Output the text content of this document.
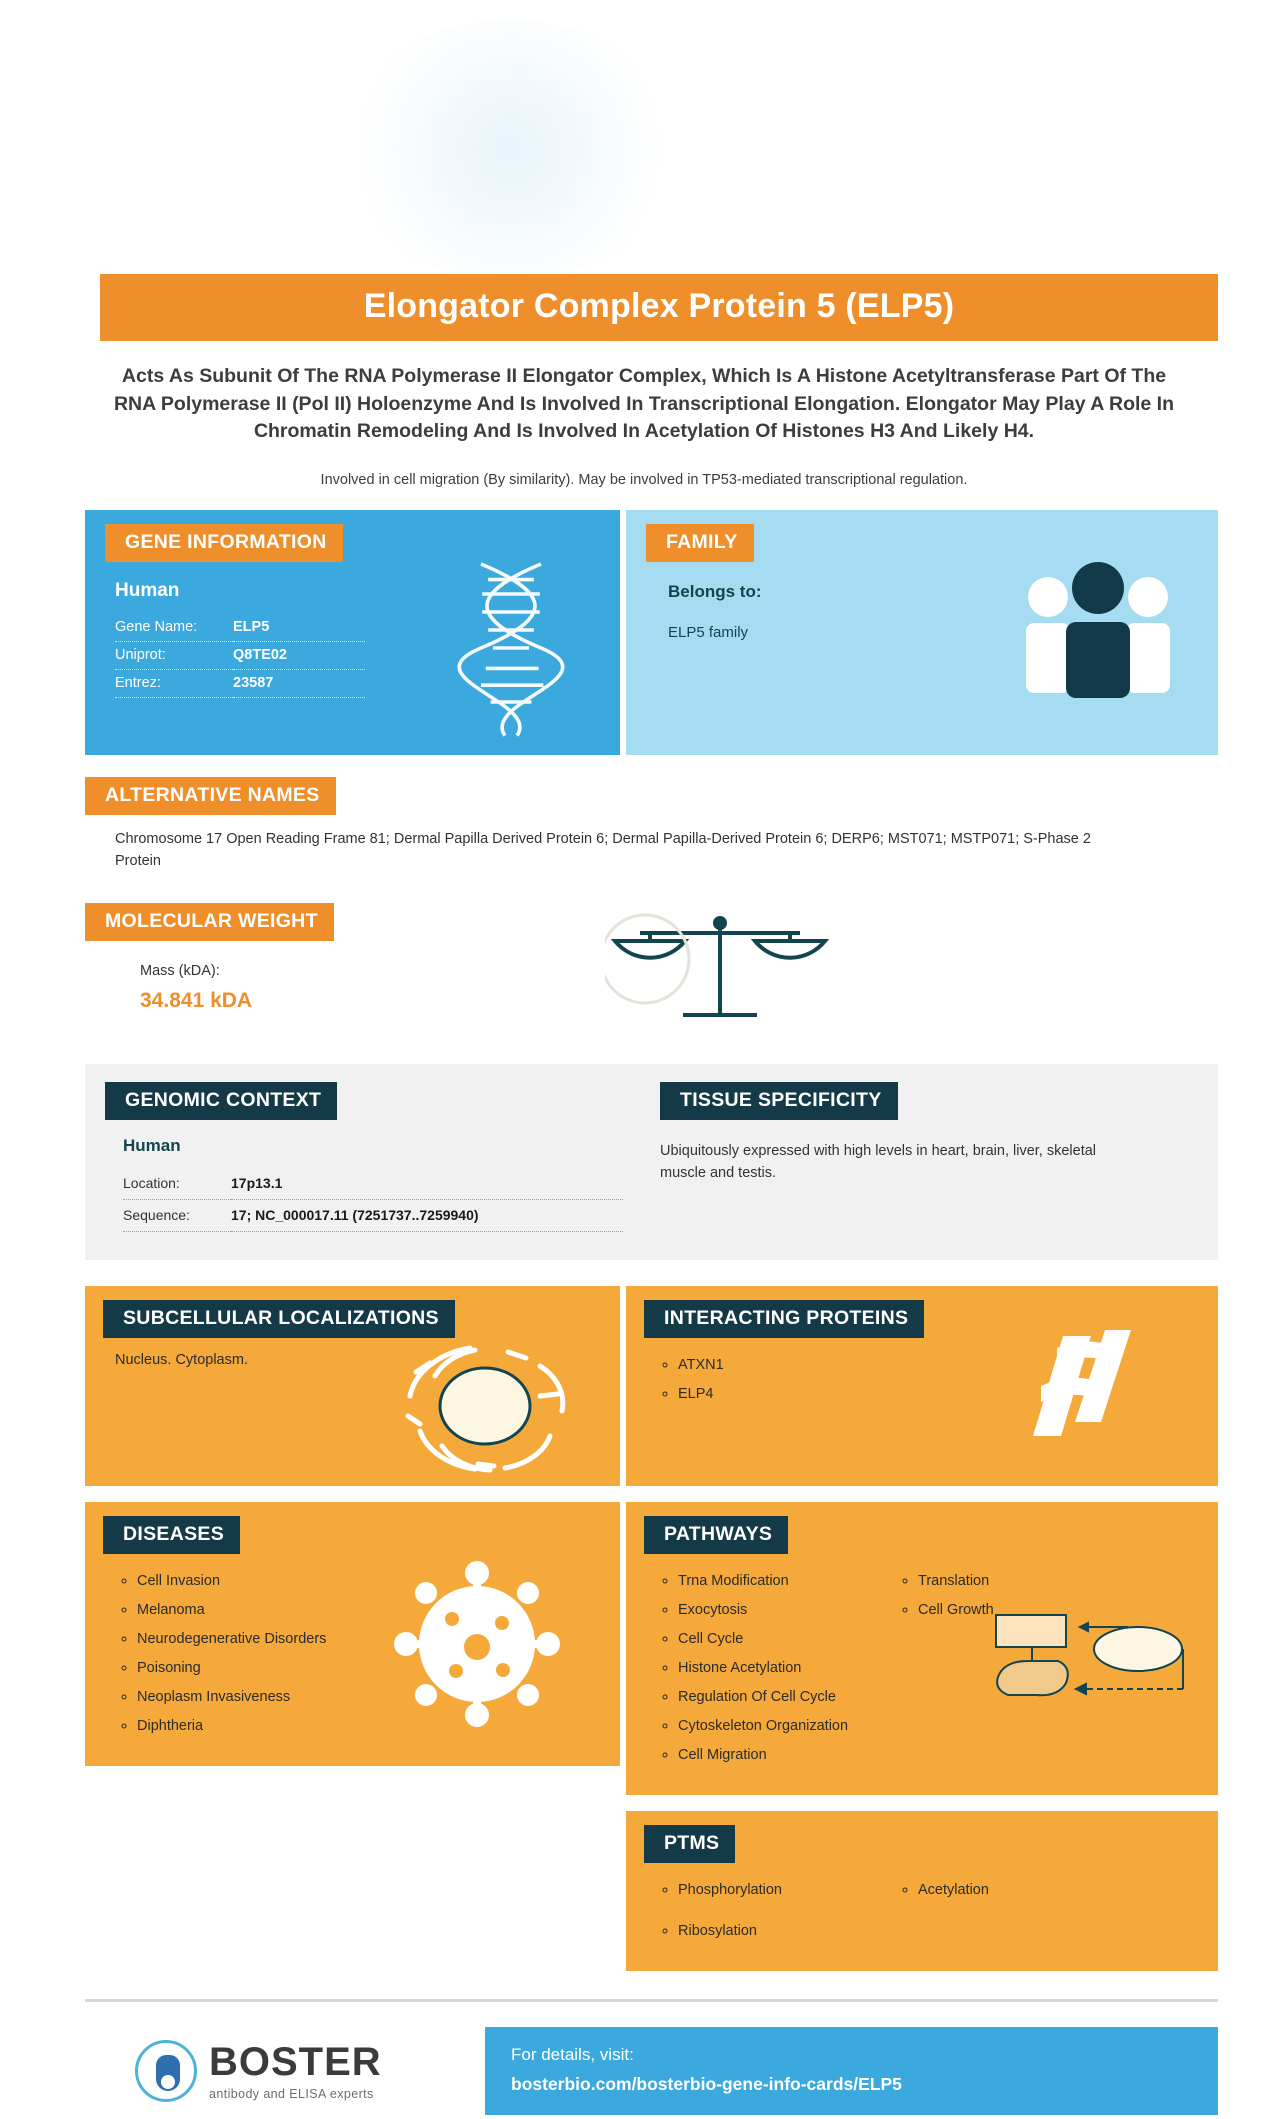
Elongator Complex Protein 5 (ELP5)
Acts As Subunit Of The RNA Polymerase II Elongator Complex, Which Is A Histone Acetyltransferase Part Of The RNA Polymerase II (Pol II) Holoenzyme And Is Involved In Transcriptional Elongation. Elongator May Play A Role In Chromatin Remodeling And Is Involved In Acetylation Of Histones H3 And Likely H4.
Involved in cell migration (By similarity). May be involved in TP53-mediated transcriptional regulation.
GENE INFORMATION
Human
Gene Name:	ELP5
Uniprot:	Q8TE02
Entrez:	23587
FAMILY
Belongs to:
ELP5 family
ALTERNATIVE NAMES
Chromosome 17 Open Reading Frame 81; Dermal Papilla Derived Protein 6; Dermal Papilla-Derived Protein 6; DERP6; MST071; MSTP071; S-Phase 2 Protein
MOLECULAR WEIGHT
Mass (kDA):
34.841 kDA
GENOMIC CONTEXT
Human
Location:	17p13.1
Sequence:	17; NC_000017.11 (7251737..7259940)
TISSUE SPECIFICITY
Ubiquitously expressed with high levels in heart, brain, liver, skeletal muscle and testis.
SUBCELLULAR LOCALIZATIONS
Nucleus. Cytoplasm.
DISEASES
◦ Cell Invasion
◦ Melanoma
◦ Neurodegenerative Disorders
◦ Poisoning
◦ Neoplasm Invasiveness
◦ Diphtheria
INTERACTING PROTEINS
◦ ATXN1
◦ ELP4
PATHWAYS
◦ Trna Modification
◦ Exocytosis
◦ Cell Cycle
◦ Histone Acetylation
◦ Regulation Of Cell Cycle
◦ Cytoskeleton Organization
◦ Cell Migration
◦ Translation
◦ Cell Growth
PTMS
◦ Phosphorylation
◦ Ribosylation
◦ Acetylation
BOSTER
antibody and ELISA experts
For details, visit:
bosterbio.com/bosterbio-gene-info-cards/ELP5
